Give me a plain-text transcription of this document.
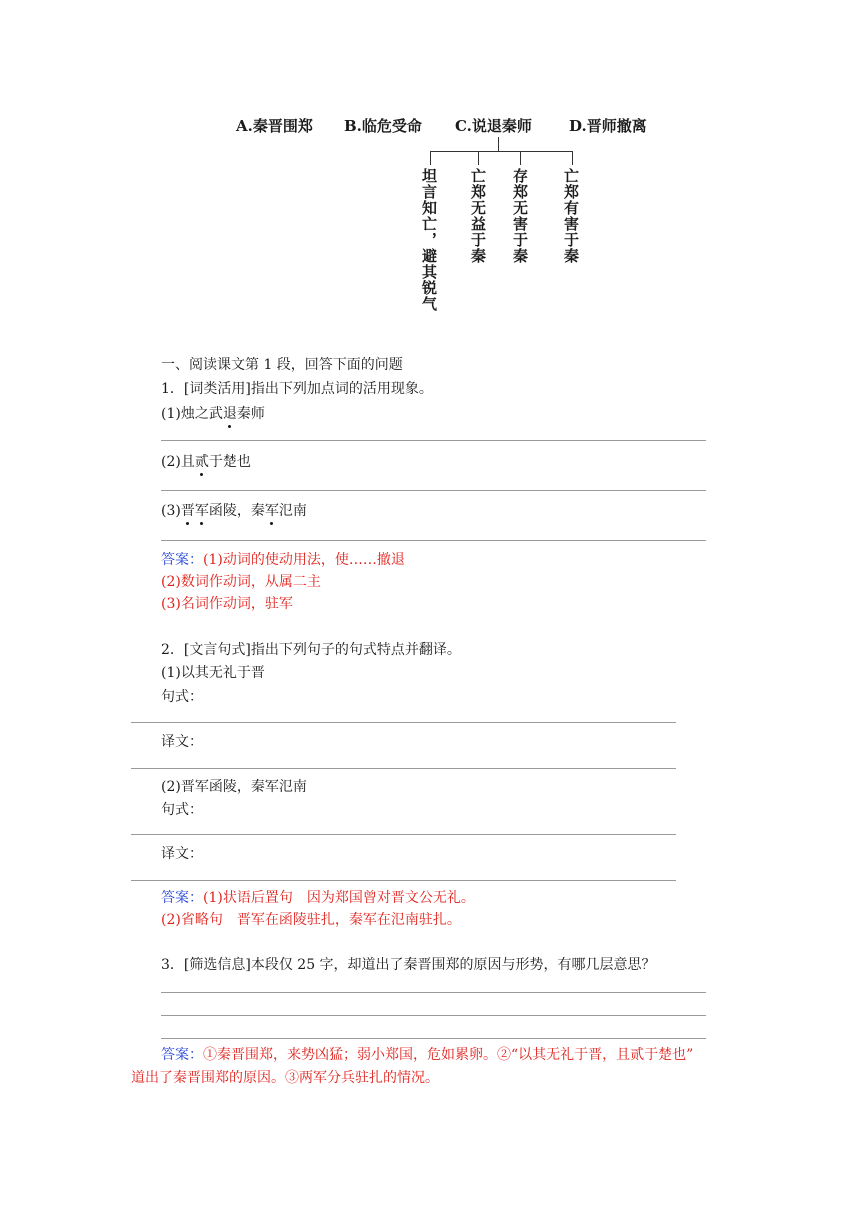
A.秦晋围郑 B.临危受命 C.说退秦师 D.晋师撤离
坦言知亡，避其锐气 亡郑无益于秦 存郑无害于秦 亡郑有害于秦
一、阅读课文第 1 段，回答下面的问题
1．[词类活用]指出下列加点词的活用现象。
(1)烛之武退秦师
(2)且贰于楚也
(3)晋军函陵，秦军氾南
答案：(1)动词的使动用法，使……撤退
(2)数词作动词，从属二主
(3)名词作动词，驻军
2．[文言句式]指出下列句子的句式特点并翻译。
(1)以其无礼于晋
句式：
译文：
(2)晋军函陵，秦军氾南
句式：
译文：
答案：(1)状语后置句　因为郑国曾对晋文公无礼。
(2)省略句　晋军在函陵驻扎，秦军在氾南驻扎。
3．[筛选信息]本段仅 25 字，却道出了秦晋围郑的原因与形势，有哪几层意思？
答案：①秦晋围郑，来势凶猛；弱小郑国，危如累卵。②“以其无礼于晋，且贰于楚也”
道出了秦晋围郑的原因。③两军分兵驻扎的情况。
